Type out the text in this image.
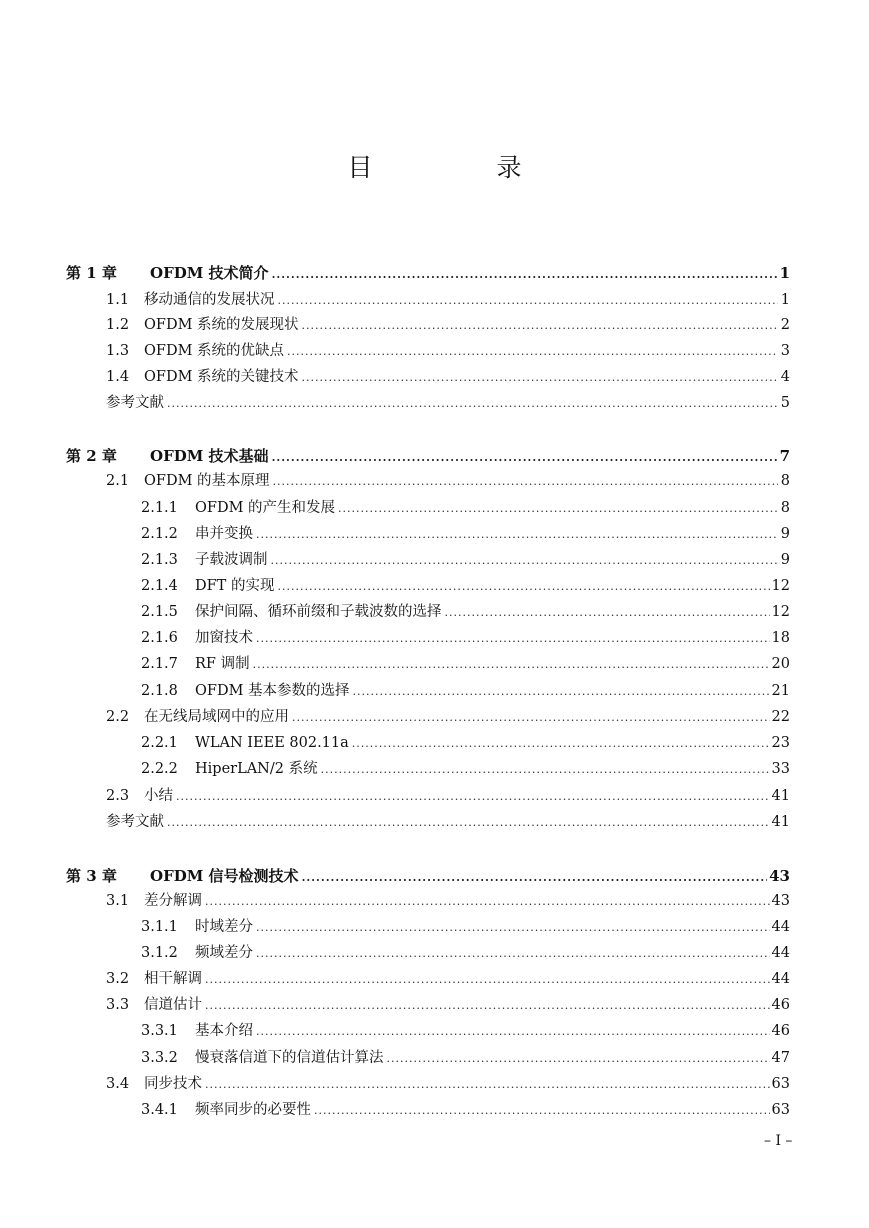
目 录
第 1 章	OFDM 技术简介 .....	1
1.1	移动通信的发展状况 .....	1
1.2	OFDM 系统的发展现状 .....	2
1.3	OFDM 系统的优缺点 .....	3
1.4	OFDM 系统的关键技术 .....	4
参考文献 .....	5
第 2 章	OFDM 技术基础 .....	7
2.1	OFDM 的基本原理 .....	8
2.1.1	OFDM 的产生和发展 .....	8
2.1.2	串并变换 .....	9
2.1.3	子载波调制 .....	9
2.1.4	DFT 的实现 .....	12
2.1.5	保护间隔、循环前缀和子载波数的选择 .....	12
2.1.6	加窗技术 .....	18
2.1.7	RF 调制 .....	20
2.1.8	OFDM 基本参数的选择 .....	21
2.2	在无线局域网中的应用 .....	22
2.2.1	WLAN IEEE 802.11a .....	23
2.2.2	HiperLAN/2 系统 .....	33
2.3	小结 .....	41
参考文献 .....	41
第 3 章	OFDM 信号检测技术 .....	43
3.1	差分解调 .....	43
3.1.1	时域差分 .....	44
3.1.2	频域差分 .....	44
3.2	相干解调 .....	44
3.3	信道估计 .....	46
3.3.1	基本介绍 .....	46
3.3.2	慢衰落信道下的信道估计算法 .....	47
3.4	同步技术 .....	63
3.4.1	频率同步的必要性 .....	63
– I –
